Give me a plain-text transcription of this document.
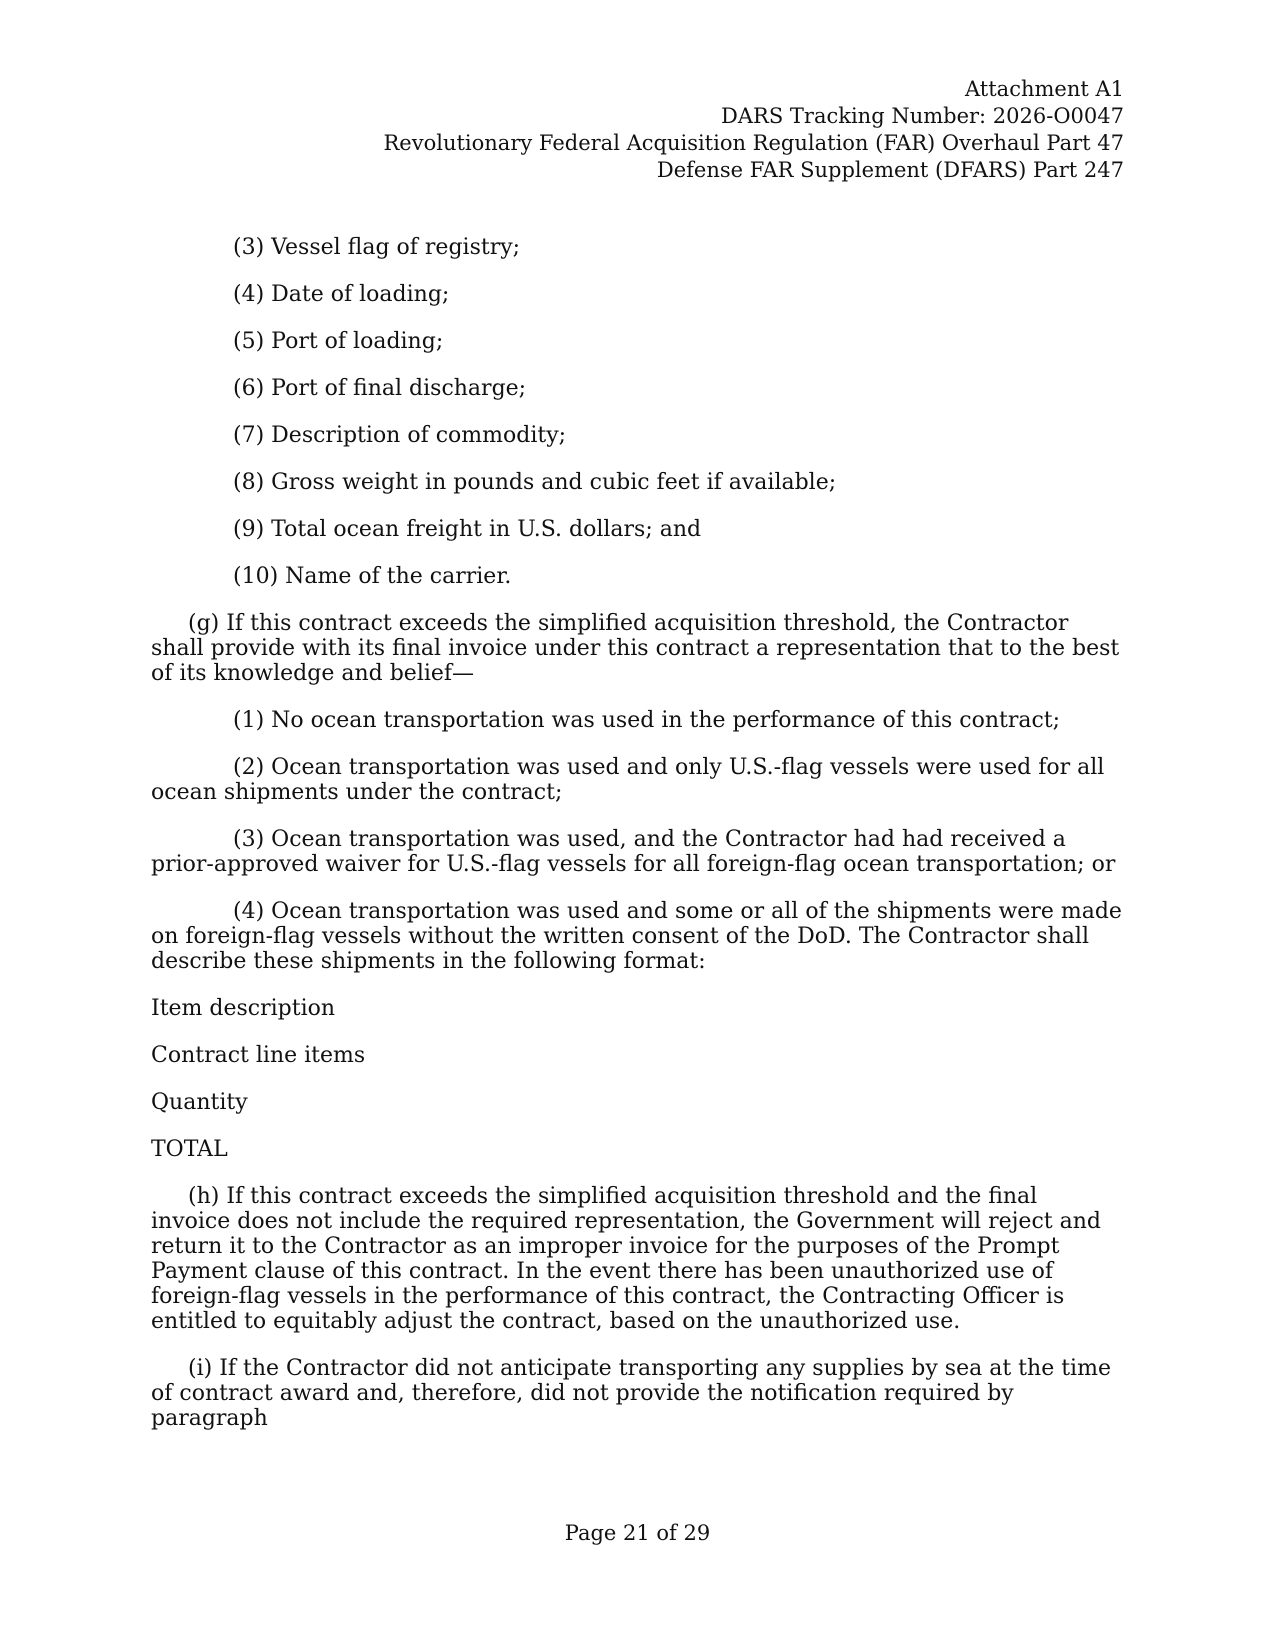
Attachment A1
DARS Tracking Number: 2026-O0047
Revolutionary Federal Acquisition Regulation (FAR) Overhaul Part 47
Defense FAR Supplement (DFARS) Part 247

(3) Vessel flag of registry;

(4) Date of loading;

(5) Port of loading;

(6) Port of final discharge;

(7) Description of commodity;

(8) Gross weight in pounds and cubic feet if available;

(9) Total ocean freight in U.S. dollars; and

(10) Name of the carrier.

(g) If this contract exceeds the simplified acquisition threshold, the Contractor shall provide with its final invoice under this contract a representation that to the best of its knowledge and belief—

(1) No ocean transportation was used in the performance of this contract;

(2) Ocean transportation was used and only U.S.-flag vessels were used for all ocean shipments under the contract;

(3) Ocean transportation was used, and the Contractor had had received a prior-approved waiver for U.S.-flag vessels for all foreign-flag ocean transportation; or

(4) Ocean transportation was used and some or all of the shipments were made on foreign-flag vessels without the written consent of the DoD. The Contractor shall describe these shipments in the following format:

Item description

Contract line items

Quantity

TOTAL

(h) If this contract exceeds the simplified acquisition threshold and the final invoice does not include the required representation, the Government will reject and return it to the Contractor as an improper invoice for the purposes of the Prompt Payment clause of this contract. In the event there has been unauthorized use of foreign-flag vessels in the performance of this contract, the Contracting Officer is entitled to equitably adjust the contract, based on the unauthorized use.

(i) If the Contractor did not anticipate transporting any supplies by sea at the time of contract award and, therefore, did not provide the notification required by paragraph

Page 21 of 29
